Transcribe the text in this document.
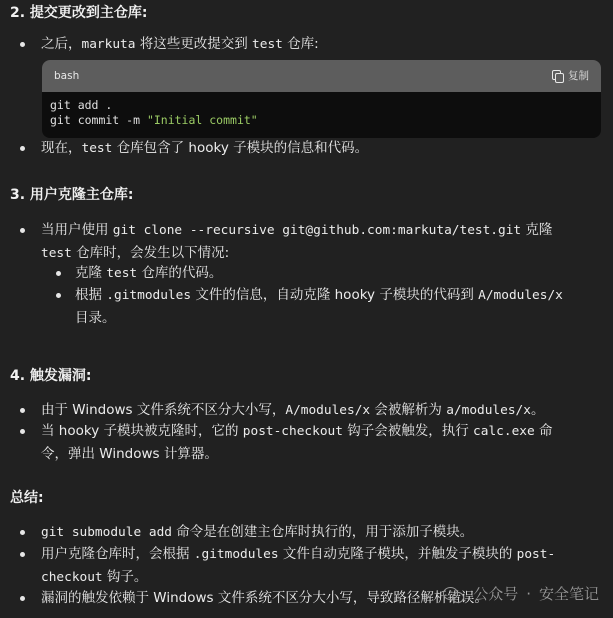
2. 提交更改到主仓库:
之后，markuta 将这些更改提交到 test 仓库:
bash	复制
git add .
git commit -m "Initial commit"
现在，test 仓库包含了 hooky 子模块的信息和代码。
3. 用户克隆主仓库:
当用户使用 git clone --recursive git@github.com:markuta/test.git 克隆
test 仓库时，会发生以下情况:
克隆 test 仓库的代码。
根据 .gitmodules 文件的信息，自动克隆 hooky 子模块的代码到 A/modules/x
目录。
4. 触发漏洞:
由于 Windows 文件系统不区分大小写，A/modules/x 会被解析为 a/modules/x。
当 hooky 子模块被克隆时，它的 post-checkout 钩子会被触发，执行 calc.exe 命
令，弹出 Windows 计算器。
总结:
git submodule add 命令是在创建主仓库时执行的，用于添加子模块。
用户克隆仓库时，会根据 .gitmodules 文件自动克隆子模块，并触发子模块的 post-
checkout 钩子。
漏洞的触发依赖于 Windows 文件系统不区分大小写，导致路径解析错误。
公众号 · 安全笔记
